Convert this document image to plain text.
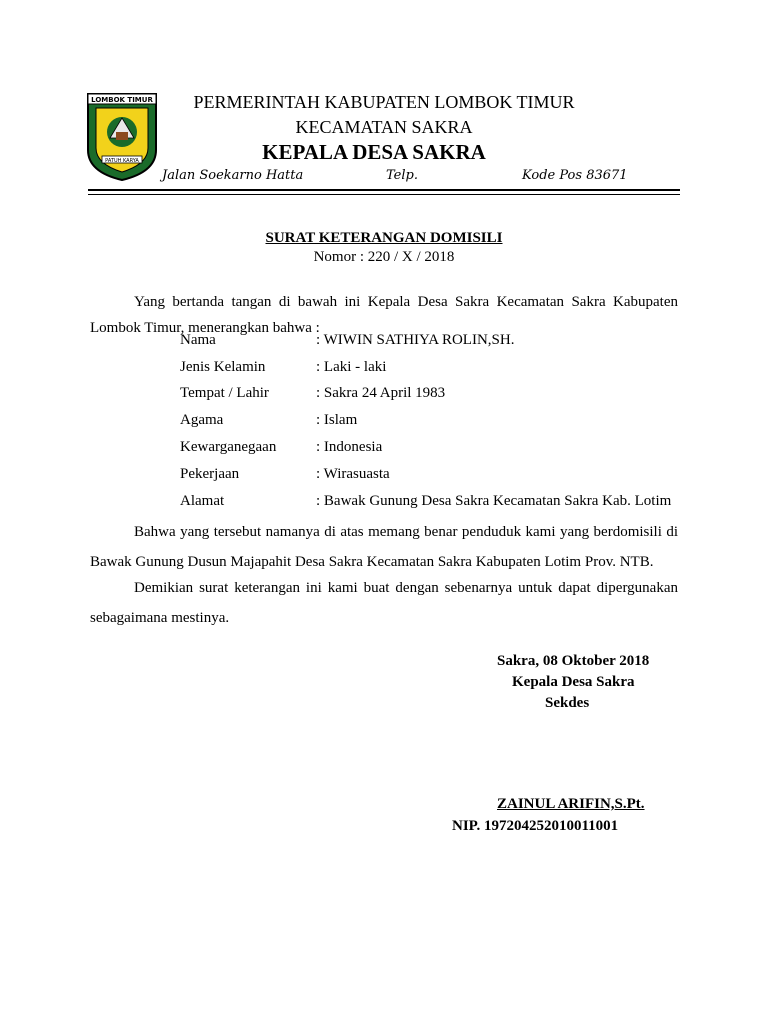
LOMBOK TIMUR
PATUH KARYA
PERMERINTAH KABUPATEN LOMBOK TIMUR
KECAMATAN SAKRA
KEPALA DESA SAKRA
Jalan Soekarno Hatta	Telp.	Kode Pos 83671
SURAT KETERANGAN DOMISILI
Nomor : 220 / X / 2018
Yang bertanda tangan di bawah ini Kepala Desa Sakra Kecamatan Sakra Kabupaten Lombok Timur, menerangkan bahwa :
Nama	: WIWIN SATHIYA ROLIN,SH.
Jenis Kelamin	: Laki - laki
Tempat / Lahir	: Sakra 24 April 1983
Agama	: Islam
Kewarganegaan	: Indonesia
Pekerjaan	: Wirasuasta
Alamat	: Bawak Gunung Desa Sakra Kecamatan Sakra Kab. Lotim
Bahwa yang tersebut namanya di atas memang benar penduduk kami yang berdomisili di Bawak Gunung Dusun Majapahit Desa Sakra Kecamatan Sakra Kabupaten Lotim Prov. NTB.
Demikian surat keterangan ini kami buat dengan sebenarnya untuk dapat dipergunakan sebagaimana mestinya.
Sakra, 08 Oktober 2018
Kepala Desa Sakra
Sekdes
ZAINUL ARIFIN,S.Pt.
NIP. 197204252010011001
